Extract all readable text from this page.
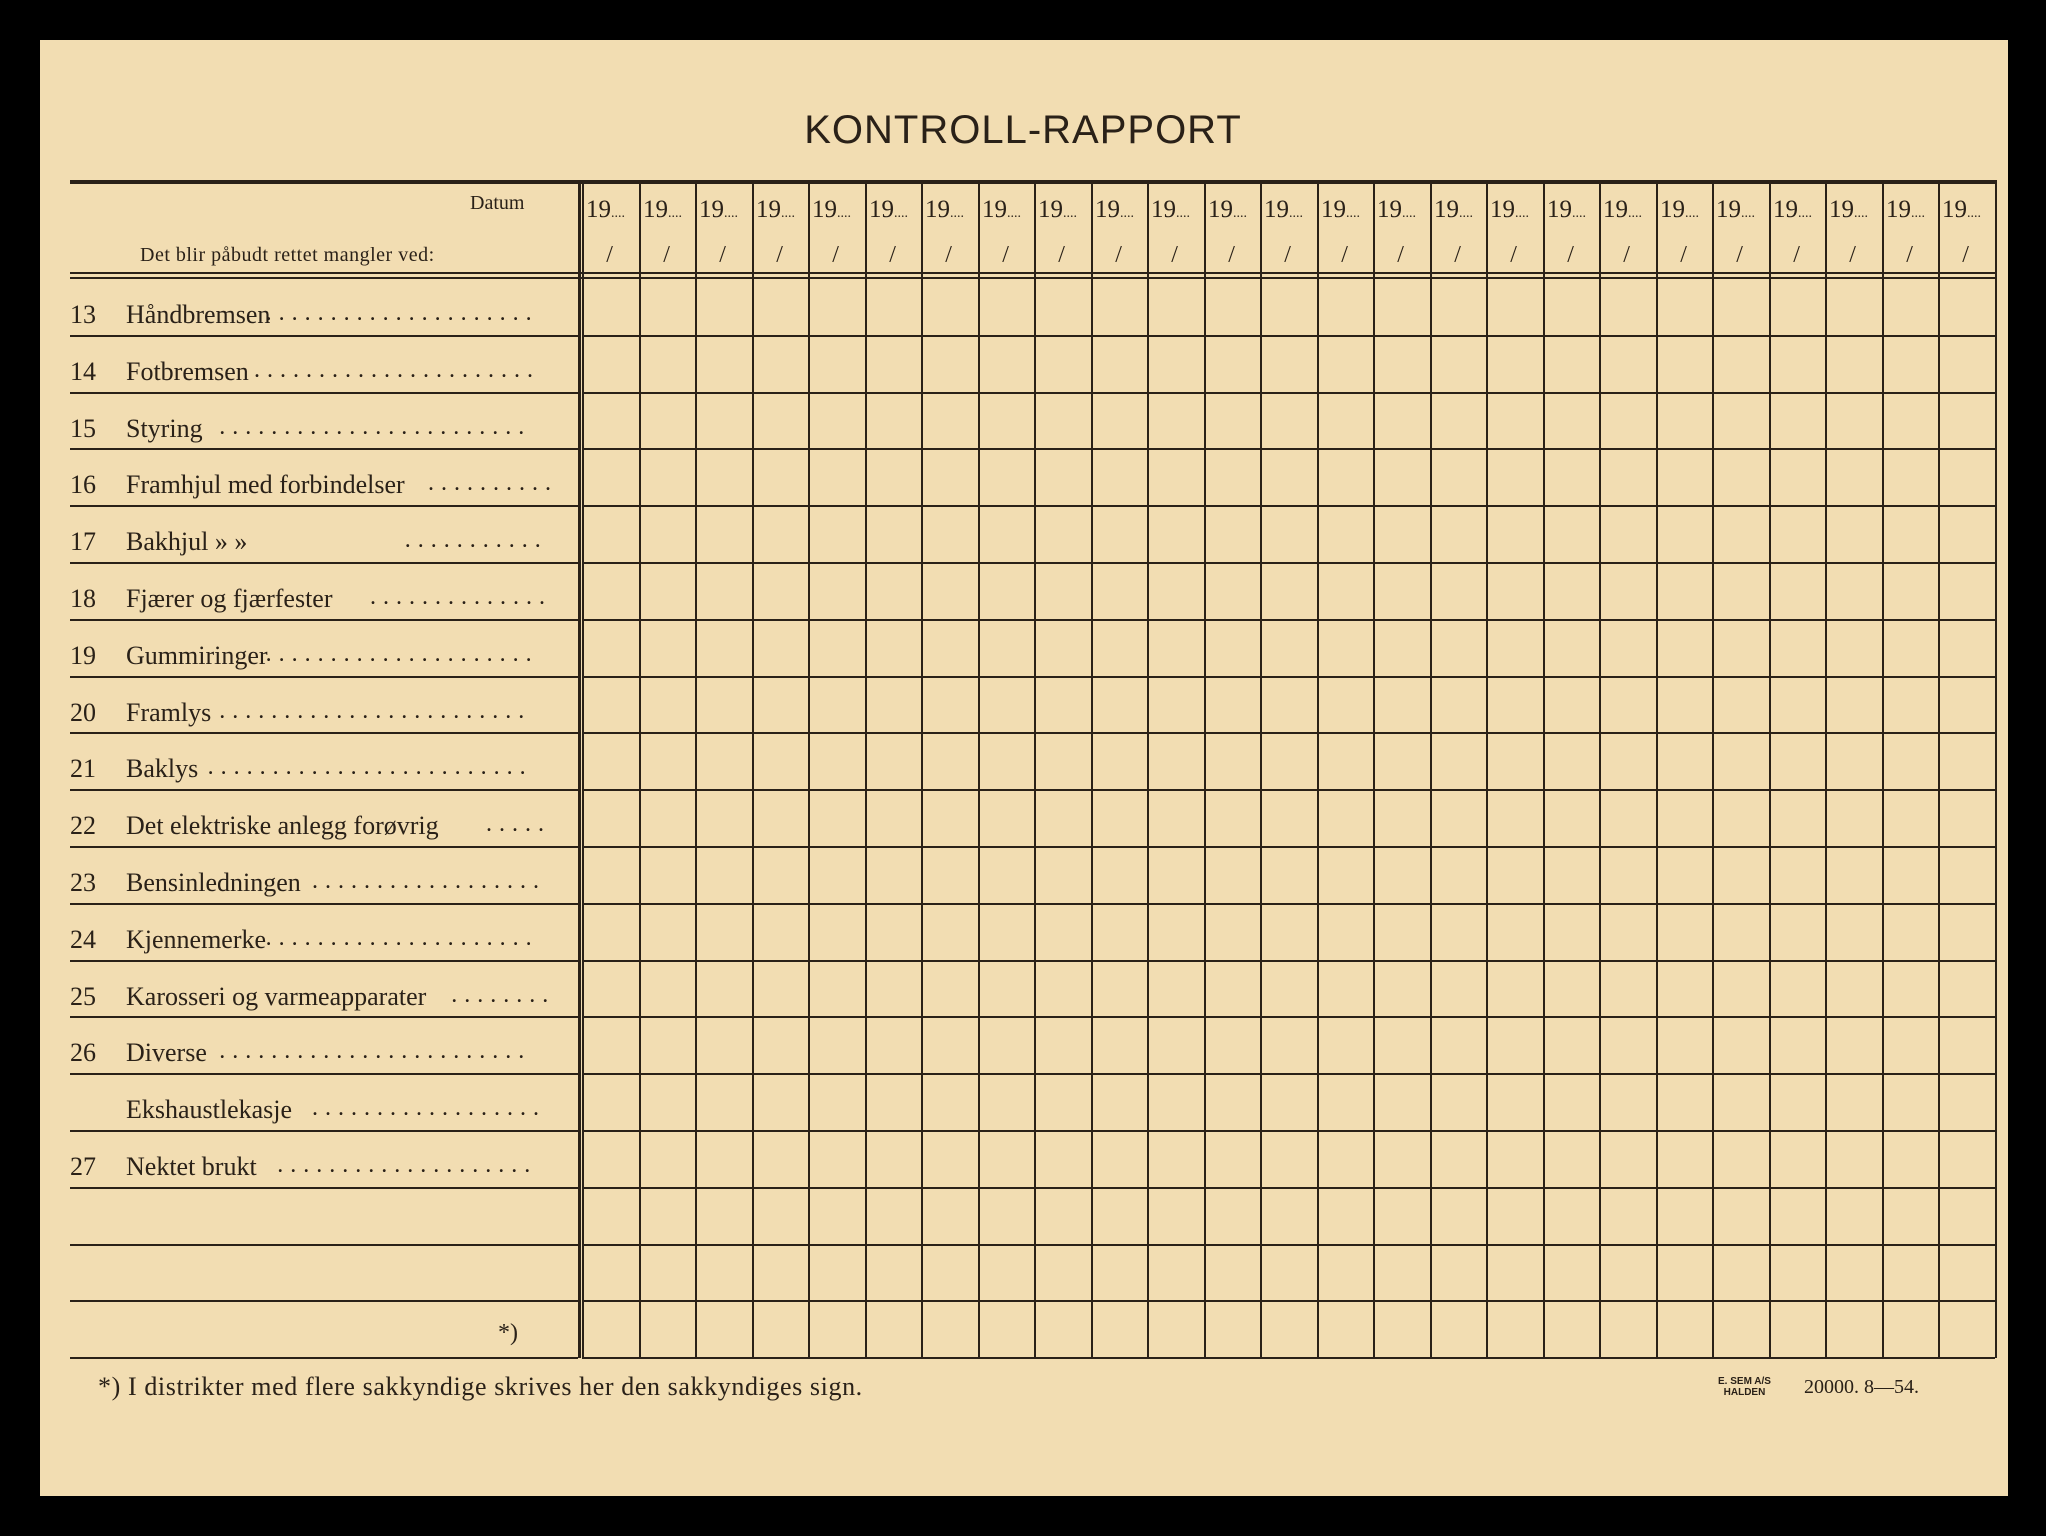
KONTROLL-RAPPORT
Datum
Det blir påbudt rettet mangler ved:
*)
*) I distrikter med flere sakkyndige skrives her den sakkyndiges sign.	E. SEM A/S
HALDEN 20000. 8—54.
19....
/
19....
/
19....
/
19....
/
19....
/
19....
/
19....
/
19....
/
19....
/
19....
/
19....
/
19....
/
19....
/
19....
/
19....
/
19....
/
19....
/
19....
/
19....
/
19....
/
19....
/
19....
/
19....
/
19....
/
19....
/
13 Håndbremsen
.....................
14 Fotbremsen ......................
15 Styring ........................
16 Framhjul med forbindelser ..........
17 Bakhjul » »	...........
18 Fjærer og fjærfester ..............
19 Gummiringer
.....................
20 Framlys ........................
21 Baklys .........................
22 Det elektriske anlegg forøvrig .....
23 Bensinledningen ..................
24 Kjennemerke .....................
25 Karosseri og varmeapparater ........
26 Diverse ........................
Ekshaustlekasje ..................
27 Nektet brukt ....................
